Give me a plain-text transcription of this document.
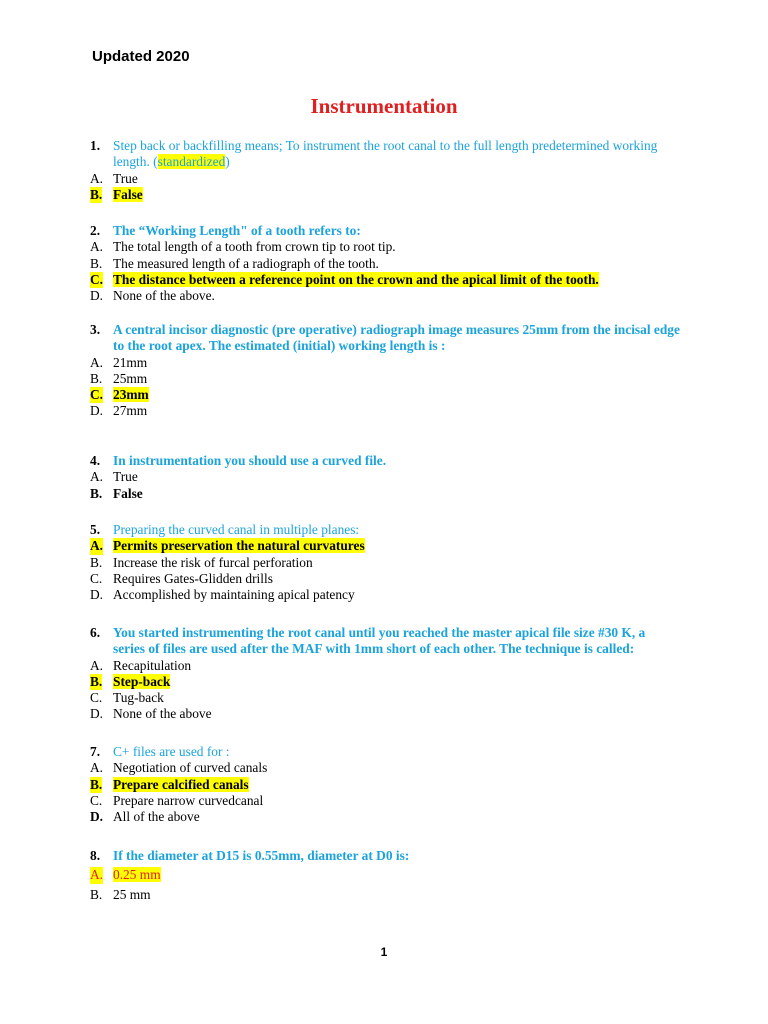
Updated 2020
Instrumentation
1. Step back or backfilling means; To instrument the root canal to the full length predetermined working length. (standardized)
A. True
B. False
2. The “Working Length" of a tooth refers to:
A. The total length of a tooth from crown tip to root tip.
B. The measured length of a radiograph of the tooth.
C. The distance between a reference point on the crown and the apical limit of the tooth.
D. None of the above.
3. A central incisor diagnostic (pre operative) radiograph image measures 25mm from the incisal edge to the root apex. The estimated (initial) working length is :
A. 21mm
B. 25mm
C. 23mm
D. 27mm
4. In instrumentation you should use a curved file.
A. True
B. False
5. Preparing the curved canal in multiple planes:
A. Permits preservation the natural curvatures
B. Increase the risk of furcal perforation
C. Requires Gates-Glidden drills
D. Accomplished by maintaining apical patency
6. You started instrumenting the root canal until you reached the master apical file size #30 K, a series of files are used after the MAF with 1mm short of each other. The technique is called:
A. Recapitulation
B. Step-back
C. Tug-back
D. None of the above
7. C+ files are used for :
A. Negotiation of curved canals
B. Prepare calcified canals
C. Prepare narrow curvedcanal
D. All of the above
8. If the diameter at D15 is 0.55mm, diameter at D0 is:
A. 0.25 mm
B. 25 mm
1
